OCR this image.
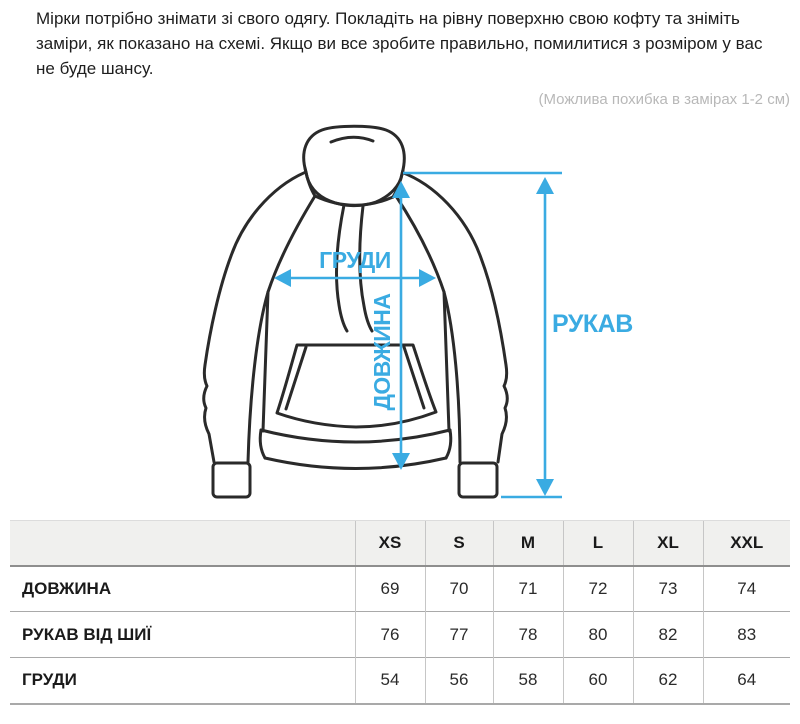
Мірки потрібно знімати зі свого одягу. Покладіть на рівну поверхню свою кофту та зніміть заміри, як показано на схемі. Якщо ви все зробите правильно, помилитися з розміром у вас не буде шансу.

(Можлива похибка в замірах 1-2 см)
ГРУДИ
ДОВЖИНА	РУКАВ
	XS	S	M	L	XL	XXL
ДОВЖИНА	69	70	71	72	73	74
РУКАВ ВІД ШИЇ	76	77	78	80	82	83
ГРУДИ	54	56	58	60	62	64
